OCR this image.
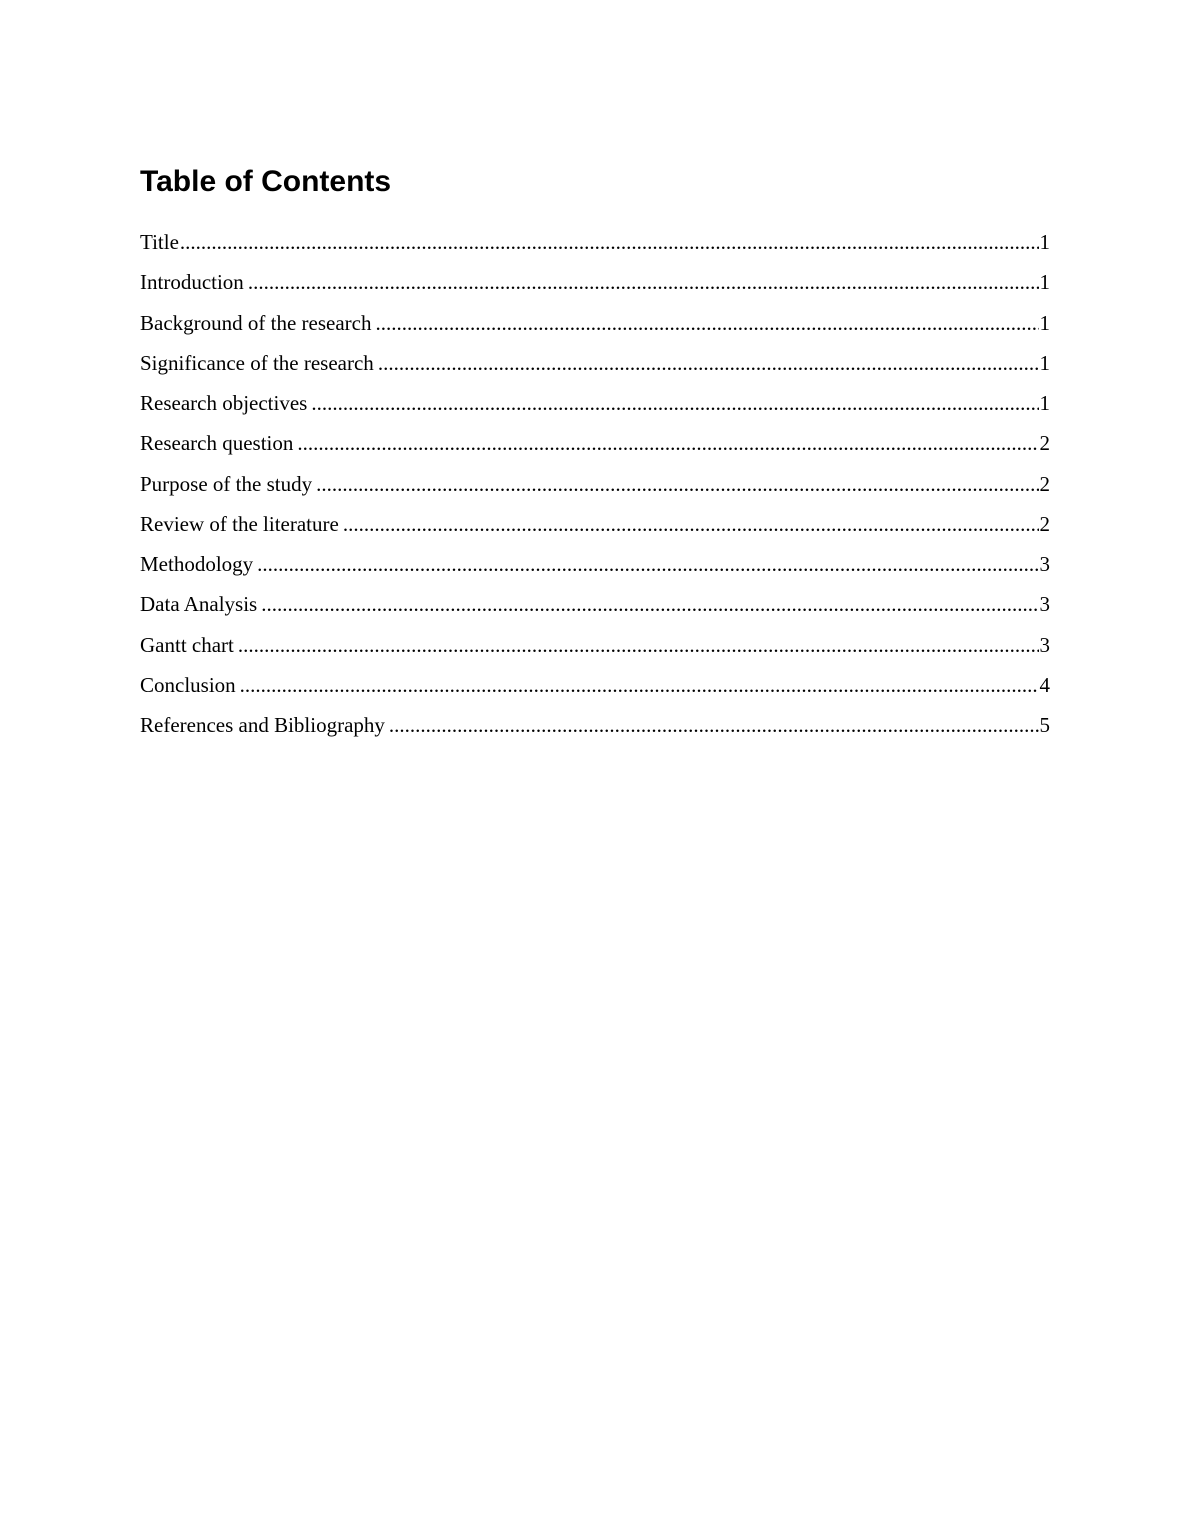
Table of Contents
Title .....	1
Introduction .....	1
Background of the research .....	1
Significance of the research .....	1
Research objectives .....	1
Research question .....	2
Purpose of the study .....	2
Review of the literature .....	2
Methodology .....	3
Data Analysis .....	3
Gantt chart .....	3
Conclusion .....	4
References and Bibliography .....	5
